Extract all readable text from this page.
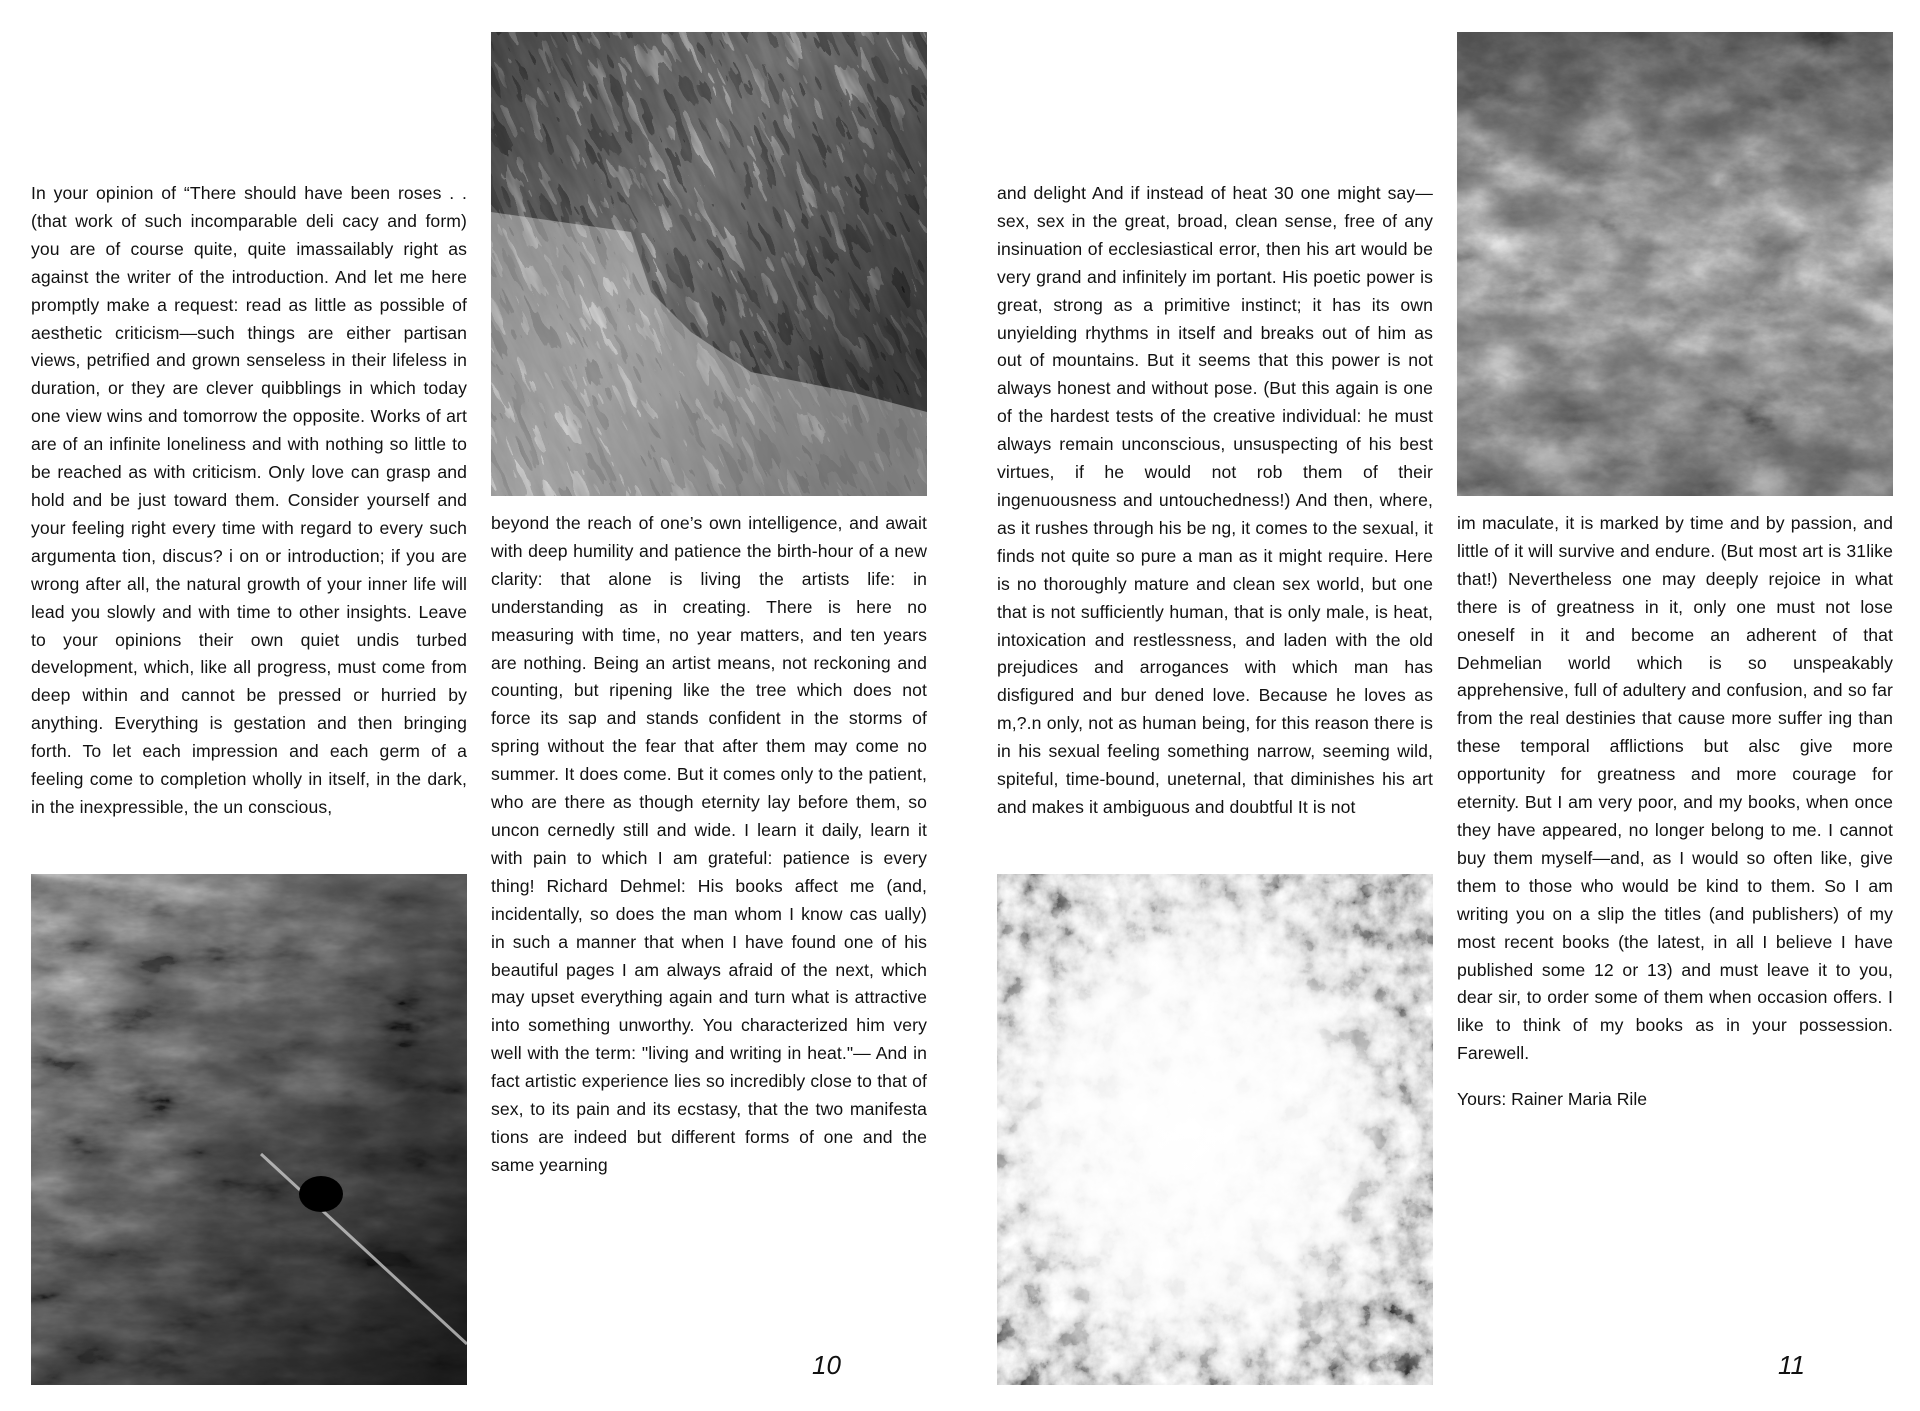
In your opinion of “There should have been roses . . (that work of such incomparable deli cacy and form) you are of course quite, quite imassailably right as against the writer of the introduction. And let me here promptly make a request: read as little as possible of aesthetic criticism—such things are either partisan views, petrified and grown senseless in their lifeless in duration, or they are clever quibblings in which today one view wins and tomorrow the opposite. Works of art are of an infinite loneliness and with nothing so little to be reached as with criticism. Only love can grasp and hold and be just toward them. Consider yourself and your feeling right every time with regard to every such argumenta tion, discus? i on or introduction; if you are wrong after all, the natural growth of your inner life will lead you slowly and with time to other insights. Leave to your opinions their own quiet undis turbed development, which, like all progress, must come from deep within and cannot be pressed or hurried by anything. Everything is gestation and then bringing forth. To let each impression and each germ of a feeling come to completion wholly in itself, in the dark, in the inexpressible, the un conscious,

beyond the reach of one’s own intelligence, and await with deep humility and patience the birth-hour of a new clarity: that alone is living the artists life: in understanding as in creating. There is here no measuring with time, no year matters, and ten years are nothing. Being an artist means, not reckoning and counting, but ripening like the tree which does not force its sap and stands confident in the storms of spring without the fear that after them may come no summer. It does come. But it comes only to the patient, who are there as though eternity lay before them, so uncon cernedly still and wide. I learn it daily, learn it with pain to which I am grateful: patience is every thing! Richard Dehmel: His books affect me (and, incidentally, so does the man whom I know cas ually) in such a manner that when I have found one of his beautiful pages I am always afraid of the next, which may upset everything again and turn what is attractive into something unworthy. You characterized him very well with the term: "living and writing in heat."— And in fact artistic experience lies so incredibly close to that of sex, to its pain and its ecstasy, that the two manifesta tions are indeed but different forms of one and the same yearning

10

and delight And if instead of heat 30 one might say—sex, sex in the great, broad, clean sense, free of any insinuation of ecclesiastical error, then his art would be very grand and infinitely im portant. His poetic power is great, strong as a primitive instinct; it has its own unyielding rhythms in itself and breaks out of him as out of mountains. But it seems that this power is not always honest and without pose. (But this again is one of the hardest tests of the creative individual: he must always remain unconscious, unsuspecting of his best virtues, if he would not rob them of their ingenuousness and untouchedness!) And then, where, as it rushes through his be ng, it comes to the sexual, it finds not quite so pure a man as it might require. Here is no thoroughly mature and clean sex world, but one that is not sufficiently human, that is only male, is heat, intoxication and restlessness, and laden with the old prejudices and arrogances with which man has disfigured and bur dened love. Because he loves as m,?.n only, not as human being, for this reason there is in his sexual feeling something narrow, seeming wild, spiteful, time-bound, uneternal, that diminishes his art and makes it ambiguous and doubtful It is not

im maculate, it is marked by time and by passion, and little of it will survive and endure. (But most art is 31like that!) Nevertheless one may deeply rejoice in what there is of greatness in it, only one must not lose oneself in it and become an adherent of that Dehmelian world which is so unspeakably apprehensive, full of adultery and confusion, and so far from the real destinies that cause more suffer ing than these temporal afflictions but alsc give more opportunity for greatness and more courage for eternity. But I am very poor, and my books, when once they have appeared, no longer belong to me. I cannot buy them myself—and, as I would so often like, give them to those who would be kind to them. So I am writing you on a slip the titles (and publishers) of my most recent books (the latest, in all I believe I have published some 12 or 13) and must leave it to you, dear sir, to order some of them when occasion offers. I like to think of my books as in your possession. Farewell.

Yours: Rainer Maria Rile

11
